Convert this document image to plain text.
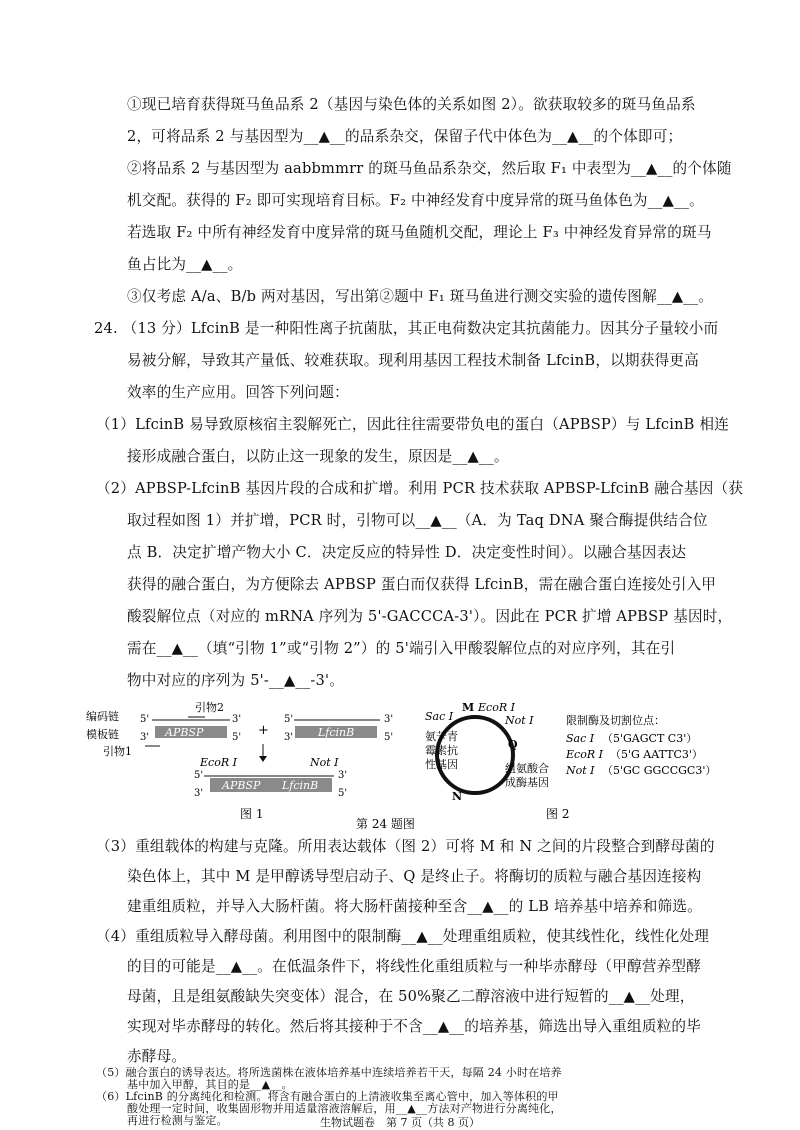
①现已培育获得斑马鱼品系 2（基因与染色体的关系如图 2）。欲获取较多的斑马鱼品系
2，可将品系 2 与基因型为__▲__的品系杂交，保留子代中体色为__▲__的个体即可；
②将品系 2 与基因型为 aabbmmrr 的斑马鱼品系杂交，然后取 F₁ 中表型为__▲__的个体随
机交配。获得的 F₂ 即可实现培育目标。F₂ 中神经发育中度异常的斑马鱼体色为__▲__。
若选取 F₂ 中所有神经发育中度异常的斑马鱼随机交配，理论上 F₃ 中神经发育异常的斑马
鱼占比为__▲__。
③仅考虑 A/a、B/b 两对基因，写出第②题中 F₁ 斑马鱼进行测交实验的遗传图解__▲__。
24. （13 分）LfcinB 是一种阳性离子抗菌肽，其正电荷数决定其抗菌能力。因其分子量较小而
易被分解，导致其产量低、较难获取。现利用基因工程技术制备 LfcinB，以期获得更高
效率的生产应用。回答下列问题：
（1）LfcinB 易导致原核宿主裂解死亡，因此往往需要带负电的蛋白（APBSP）与 LfcinB 相连
接形成融合蛋白，以防止这一现象的发生，原因是__▲__。
（2）APBSP-LfcinB 基因片段的合成和扩增。利用 PCR 技术获取 APBSP-LfcinB 融合基因（获
取过程如图 1）并扩增，PCR 时，引物可以__▲__（A．为 Taq DNA 聚合酶提供结合位
点 B．决定扩增产物大小 C．决定反应的特异性 D．决定变性时间）。以融合基因表达
获得的融合蛋白，为方便除去 APBSP 蛋白而仅获得 LfcinB，需在融合蛋白连接处引入甲
酸裂解位点（对应的 mRNA 序列为 5'-GACCCA-3'）。因此在 PCR 扩增 APBSP 基因时，
需在__▲__（填“引物 1”或“引物 2”）的 5'端引入甲酸裂解位点的对应序列，其在引
物中对应的序列为 5'-__▲__-3'。
编码链
模板链
引物2
5'	3'
APBSP
3'	5'
引物1
+
5'	3'
LfcinB
3'	5'
EcoR I	Not I
5'	3'
APBSP LfcinB
3'	5'
图 1
M EcoR I
Sac I	Not I
Q
N
氨苄青
霉素抗
性基因	组氨酸合
成酶基因
图 2
限制酶及切割位点：
Sac I （5'GAGCT C3'）
EcoR I （5'G AATTC3'）
Not I （5'GC GGCCGC3'）
第 24 题图
（3）重组载体的构建与克隆。所用表达载体（图 2）可将 M 和 N 之间的片段整合到酵母菌的
染色体上，其中 M 是甲醇诱导型启动子、Q 是终止子。将酶切的质粒与融合基因连接构
建重组质粒，并导入大肠杆菌。将大肠杆菌接种至含__▲__的 LB 培养基中培养和筛选。
（4）重组质粒导入酵母菌。利用图中的限制酶__▲__处理重组质粒，使其线性化，线性化处理
的目的可能是__▲__。在低温条件下，将线性化重组质粒与一种毕赤酵母（甲醇营养型酵
母菌，且是组氨酸缺失突变体）混合，在 50%聚乙二醇溶液中进行短暂的__▲__处理，
实现对毕赤酵母的转化。然后将其接种于不含__▲__的培养基，筛选出导入重组质粒的毕
赤酵母。
（5）融合蛋白的诱导表达。将所选菌株在液体培养基中连续培养若干天，每隔 24 小时在培养
基中加入甲醇，其目的是__▲__。
（6）LfcinB 的分离纯化和检测。将含有融合蛋白的上清液收集至离心管中，加入等体积的甲
酸处理一定时间，收集固形物并用适量溶液溶解后，用__▲__方法对产物进行分离纯化，
再进行检测与鉴定。	生物试题卷　第 7 页（共 8 页）
